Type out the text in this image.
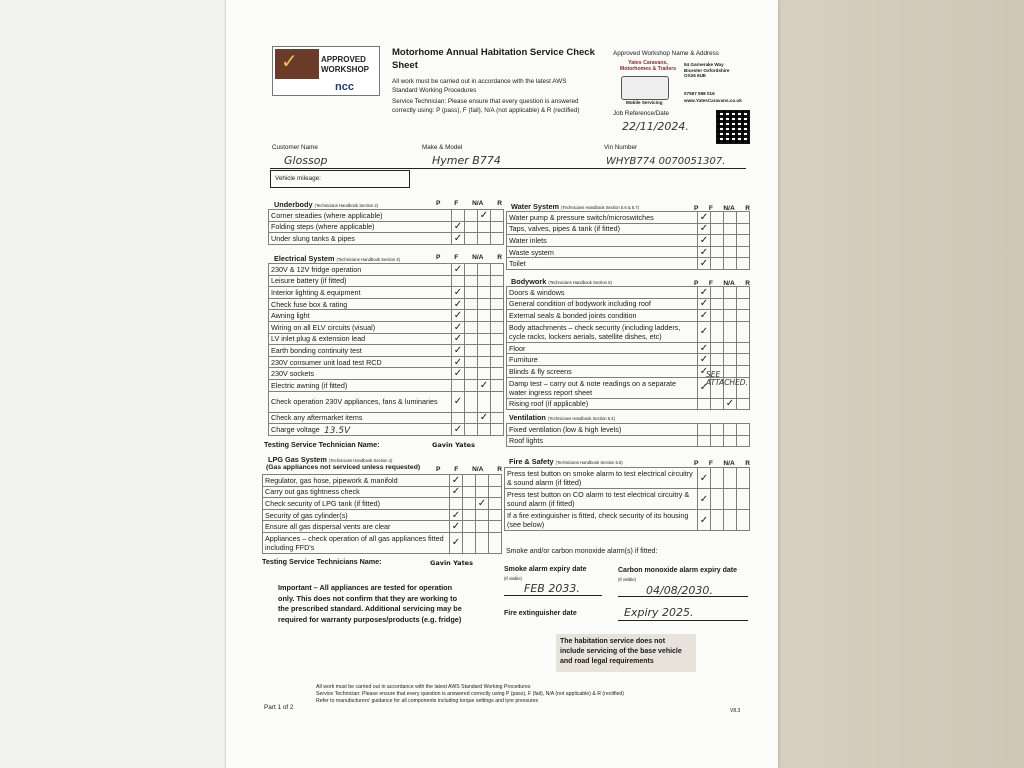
✓	APPROVED
WORKSHOP
ncc
Motorhome Annual Habitation Service Check
Sheet
All work must be carried out in accordance with the latest AWS
Standard Working Procedures
Service Technician: Please ensure that every question is answered
correctly using: P (pass), F (fail), N/A (not applicable) & R (rectified)
Approved Workshop Name & Address
Yates Caravans,
Motorhomes & Trailers
54 Garnerake Way
Bicester Oxfordshire
OX26 6UE
Mobile Servicing
07597 598 016
www.YatesCaravans.co.uk
Job Reference/Date
22/11/2024.
Customer Name
Glossop
Make & Model
Hymer B774
Vin Number
WHYB774 0070051307.
Vehicle mileage:
Underbody (Technicians Handbook Section 2)	P F N/A R
Corner steadies (where applicable)			✓	
Folding steps (where applicable)	✓			
Under slung tanks & pipes	✓			
Electrical System (Technicians Handbook Section 3)	P F N/A R
230V & 12V fridge operation	✓			
Leisure battery (if fitted)				
Interior lighting & equipment	✓			
Check fuse box & rating	✓			
Awning light	✓			
Wiring on all ELV circuits (visual)	✓			
LV inlet plug & extension lead	✓			
Earth bonding continuity test	✓			
230V consumer unit load test RCD	✓			
230V sockets	✓			
Electric awning (if fitted)			✓	
Check operation 230V appliances, fans & luminaries	✓			
Check any aftermarket items			✓	
Charge voltage	✓			
13.5V
Testing Service Technician Name:	Gavin Yates
LPG Gas System (Technicians Handbook Section 4)
(Gas appliances not serviced unless requested) P F N/A R
Regulator, gas hose, pipework & manifold	✓			
Carry out gas tightness check	✓			
Check security of LPG tank (if fitted)			✓	
Security of gas cylinder(s)	✓			
Ensure all gas dispersal vents are clear	✓			
Appliances – check operation of all gas appliances fitted including FFD's	✓			
Testing Service Technicians Name:	Gavin Yates
Water System (Technicians Handbook Section 5.6 & 5.7)	P F N/A R
Water pump & pressure switch/microswitches	✓			
Taps, valves, pipes & tank (if fitted)	✓			
Water inlets	✓			
Waste system	✓			
Toilet	✓			
Bodywork (Technicians Handbook Section 5)	P F N/A R
Doors & windows	✓			
General condition of bodywork including roof	✓			
External seals & bonded joints condition	✓			
Body attachments – check security (including ladders, cycle racks, lockers aerials, satellite dishes, etc)	✓			
Floor	✓			
Furniture	✓			
Blinds & fly screens	✓			
Damp test – carry out & note readings on a separate water ingress report sheet	✓			
Rising roof (if applicable)			✓	
SEE ATTACHED.
Ventilation (Technicians Handbook Section 5.4)
Fixed ventilation (low & high levels)				
Roof lights				
Fire & Safety (Technicians Handbook Section 5.5)	P F N/A R
Press test button on smoke alarm to test electrical circuitry & sound alarm (if fitted)	✓			
Press test button on CO alarm to test electrical circuitry & sound alarm (if fitted)	✓			
If a fire extinguisher is fitted, check security of its housing (see below)	✓			
Smoke and/or carbon monoxide alarm(s) if fitted:
Smoke alarm expiry date
(If visible)
FEB 2033.
Carbon monoxide alarm expiry date
(If visible)
04/08/2030.
Fire extinguisher date	Expiry 2025.
Important – All appliances are tested for operation
only. This does not confirm that they are working to
the prescribed standard. Additional servicing may be
required for warranty purposes/products (e.g. fridge)
The habitation service does not
include servicing of the base vehicle
and road legal requirements
All work must be carried out in accordance with the latest AWS Standard Working Procedures
Service Technician: Please ensure that every question is answered correctly using P (pass), F (fail), N/A (not applicable) & R (rectified)
Refer to manufacturers' guidance for all components including torque settings and tyre pressures
Part 1 of 2	V8.3
